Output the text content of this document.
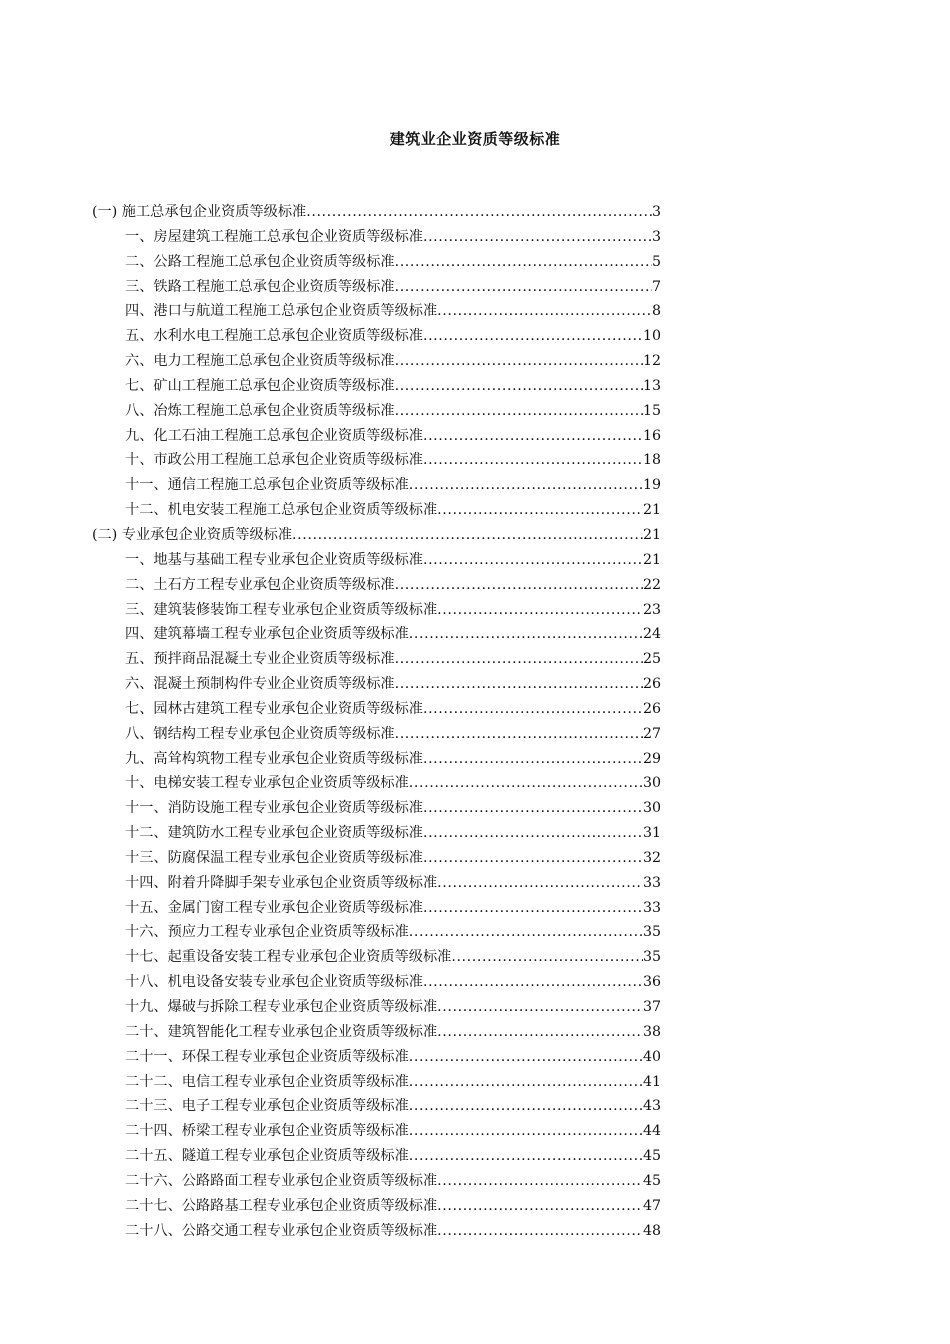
建筑业企业资质等级标准
(一) 施工总承包企业资质等级标准 .....	3
一、房屋建筑工程施工总承包企业资质等级标准 .....	3
二、公路工程施工总承包企业资质等级标准 .....	5
三、铁路工程施工总承包企业资质等级标准 .....	7
四、港口与航道工程施工总承包企业资质等级标准 .....	8
五、水利水电工程施工总承包企业资质等级标准 .....	10
六、电力工程施工总承包企业资质等级标准 .....	12
七、矿山工程施工总承包企业资质等级标准 .....	13
八、冶炼工程施工总承包企业资质等级标准 .....	15
九、化工石油工程施工总承包企业资质等级标准 .....	16
十、市政公用工程施工总承包企业资质等级标准 .....	18
十一、通信工程施工总承包企业资质等级标准 .....	19
十二、机电安装工程施工总承包企业资质等级标准 .....	21
(二) 专业承包企业资质等级标准 .....	21
一、地基与基础工程专业承包企业资质等级标准 .....	21
二、土石方工程专业承包企业资质等级标准 .....	22
三、建筑装修装饰工程专业承包企业资质等级标准 .....	23
四、建筑幕墙工程专业承包企业资质等级标准 .....	24
五、预拌商品混凝土专业企业资质等级标准 .....	25
六、混凝土预制构件专业企业资质等级标准 .....	26
七、园林古建筑工程专业承包企业资质等级标准 .....	26
八、钢结构工程专业承包企业资质等级标准 .....	27
九、高耸构筑物工程专业承包企业资质等级标准 .....	29
十、电梯安装工程专业承包企业资质等级标准 .....	30
十一、消防设施工程专业承包企业资质等级标准 .....	30
十二、建筑防水工程专业承包企业资质等级标准 .....	31
十三、防腐保温工程专业承包企业资质等级标准 .....	32
十四、附着升降脚手架专业承包企业资质等级标准 .....	33
十五、金属门窗工程专业承包企业资质等级标准 .....	33
十六、预应力工程专业承包企业资质等级标准 .....	35
十七、起重设备安装工程专业承包企业资质等级标准 .....	35
十八、机电设备安装专业承包企业资质等级标准 .....	36
十九、爆破与拆除工程专业承包企业资质等级标准 .....	37
二十、建筑智能化工程专业承包企业资质等级标准 .....	38
二十一、环保工程专业承包企业资质等级标准 .....	40
二十二、电信工程专业承包企业资质等级标准 .....	41
二十三、电子工程专业承包企业资质等级标准 .....	43
二十四、桥梁工程专业承包企业资质等级标准 .....	44
二十五、隧道工程专业承包企业资质等级标准 .....	45
二十六、公路路面工程专业承包企业资质等级标准 .....	45
二十七、公路路基工程专业承包企业资质等级标准 .....	47
二十八、公路交通工程专业承包企业资质等级标准 .....	48
